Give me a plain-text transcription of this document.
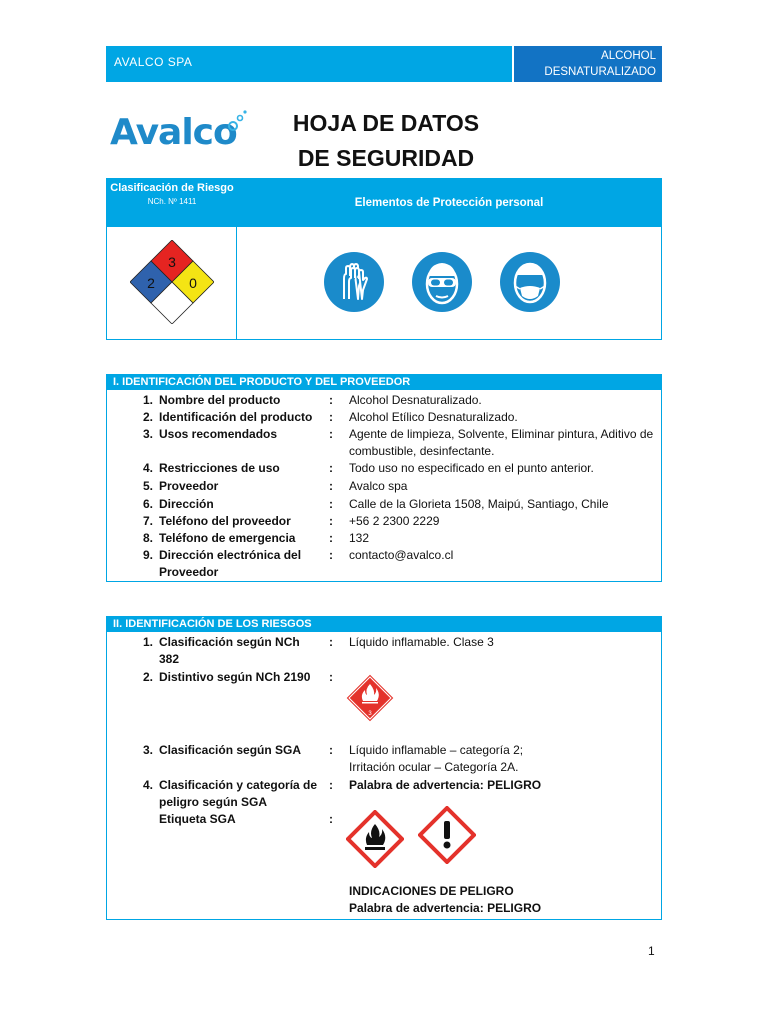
AVALCO SPA	ALCOHOL
DESNATURALIZADO
Avalco	HOJA DE DATOS
DE SEGURIDAD
Clasificación de Riesgo
NCh. Nº 1411	Elementos de Protección personal
3
2 0
I. IDENTIFICACIÓN DEL PRODUCTO Y DEL PROVEEDOR
1. Nombre del producto	: Alcohol Desnaturalizado.
2. Identificación del producto	: Alcohol Etílico Desnaturalizado.
3. Usos recomendados	: Agente de limpieza, Solvente, Eliminar pintura, Aditivo de combustible, desinfectante.
4. Restricciones de uso	: Todo uso no especificado en el punto anterior.
5. Proveedor	: Avalco spa
6. Dirección	: Calle de la Glorieta 1508, Maipú, Santiago, Chile
7. Teléfono del proveedor	: +56 2 2300 2229
8. Teléfono de emergencia	: 132
9. Dirección electrónica del Proveedor
: contacto@avalco.cl
II. IDENTIFICACIÓN DE LOS RIESGOS
1. Clasificación según NCh 382
: Líquido inflamable. Clase 3
2. Distintivo según NCh 2190	:
3. Clasificación según SGA	: Líquido inflamable – categoría 2; Irritación ocular – Categoría 2A.
4. Clasificación y categoría de peligro según SGA
: Palabra de advertencia: PELIGRO
Etiqueta SGA	:
INDICACIONES DE PELIGRO
Palabra de advertencia: PELIGRO
3
1
